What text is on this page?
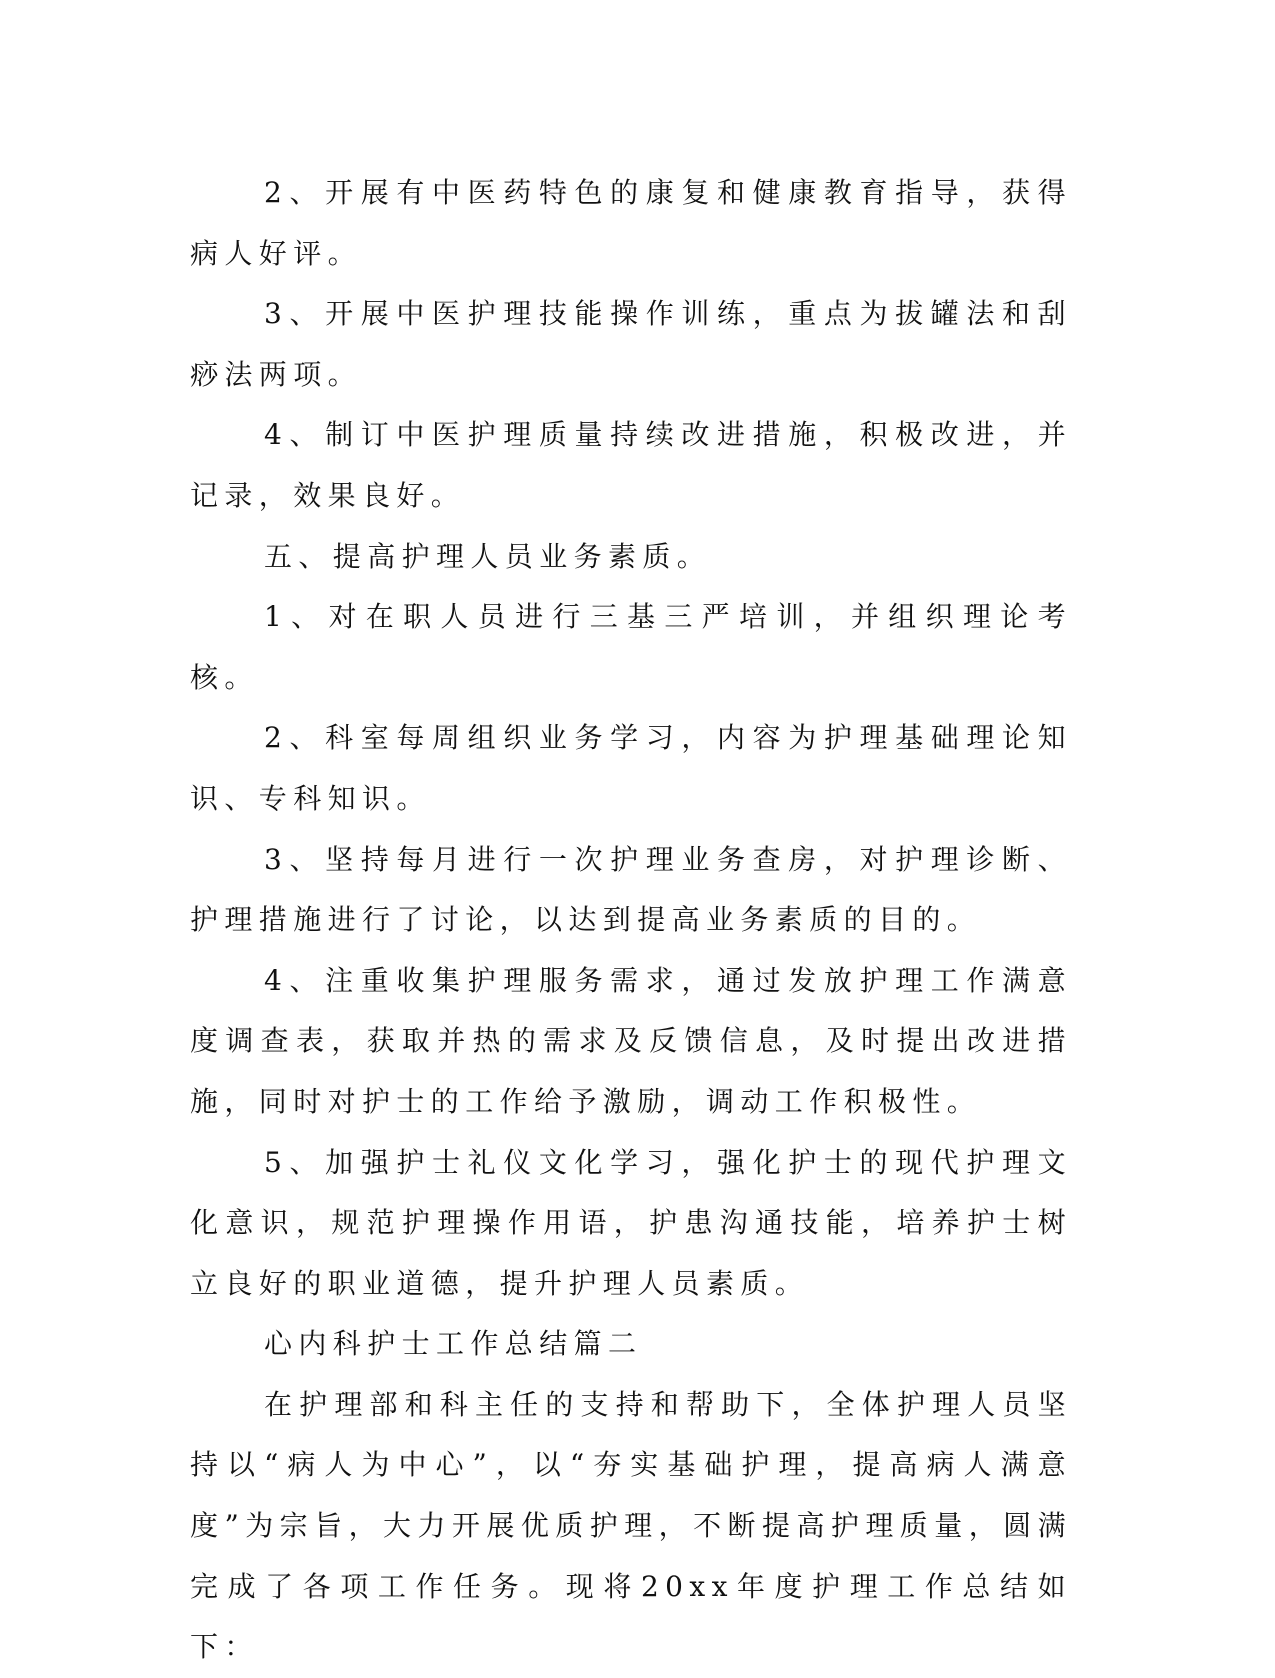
2、开展有中医药特色的康复和健康教育指导，获得病人好评。

3、开展中医护理技能操作训练，重点为拔罐法和刮痧法两项。

4、制订中医护理质量持续改进措施，积极改进，并记录，效果良好。

五、提高护理人员业务素质。

1、对在职人员进行三基三严培训，并组织理论考核。

2、科室每周组织业务学习，内容为护理基础理论知识、专科知识。

3、坚持每月进行一次护理业务查房，对护理诊断、护理措施进行了讨论，以达到提高业务素质的目的。

4、注重收集护理服务需求，通过发放护理工作满意度调查表，获取并热的需求及反馈信息，及时提出改进措施，同时对护士的工作给予激励，调动工作积极性。

5、加强护士礼仪文化学习，强化护士的现代护理文化意识，规范护理操作用语，护患沟通技能，培养护士树立良好的职业道德，提升护理人员素质。

心内科护士工作总结篇二

在护理部和科主任的支持和帮助下，全体护理人员坚持以“病人为中心”，以“夯实基础护理，提高病人满意度”为宗旨，大力开展优质护理，不断提高护理质量，圆满完成了各项工作任务。现将20xx年度护理工作总结如下：
